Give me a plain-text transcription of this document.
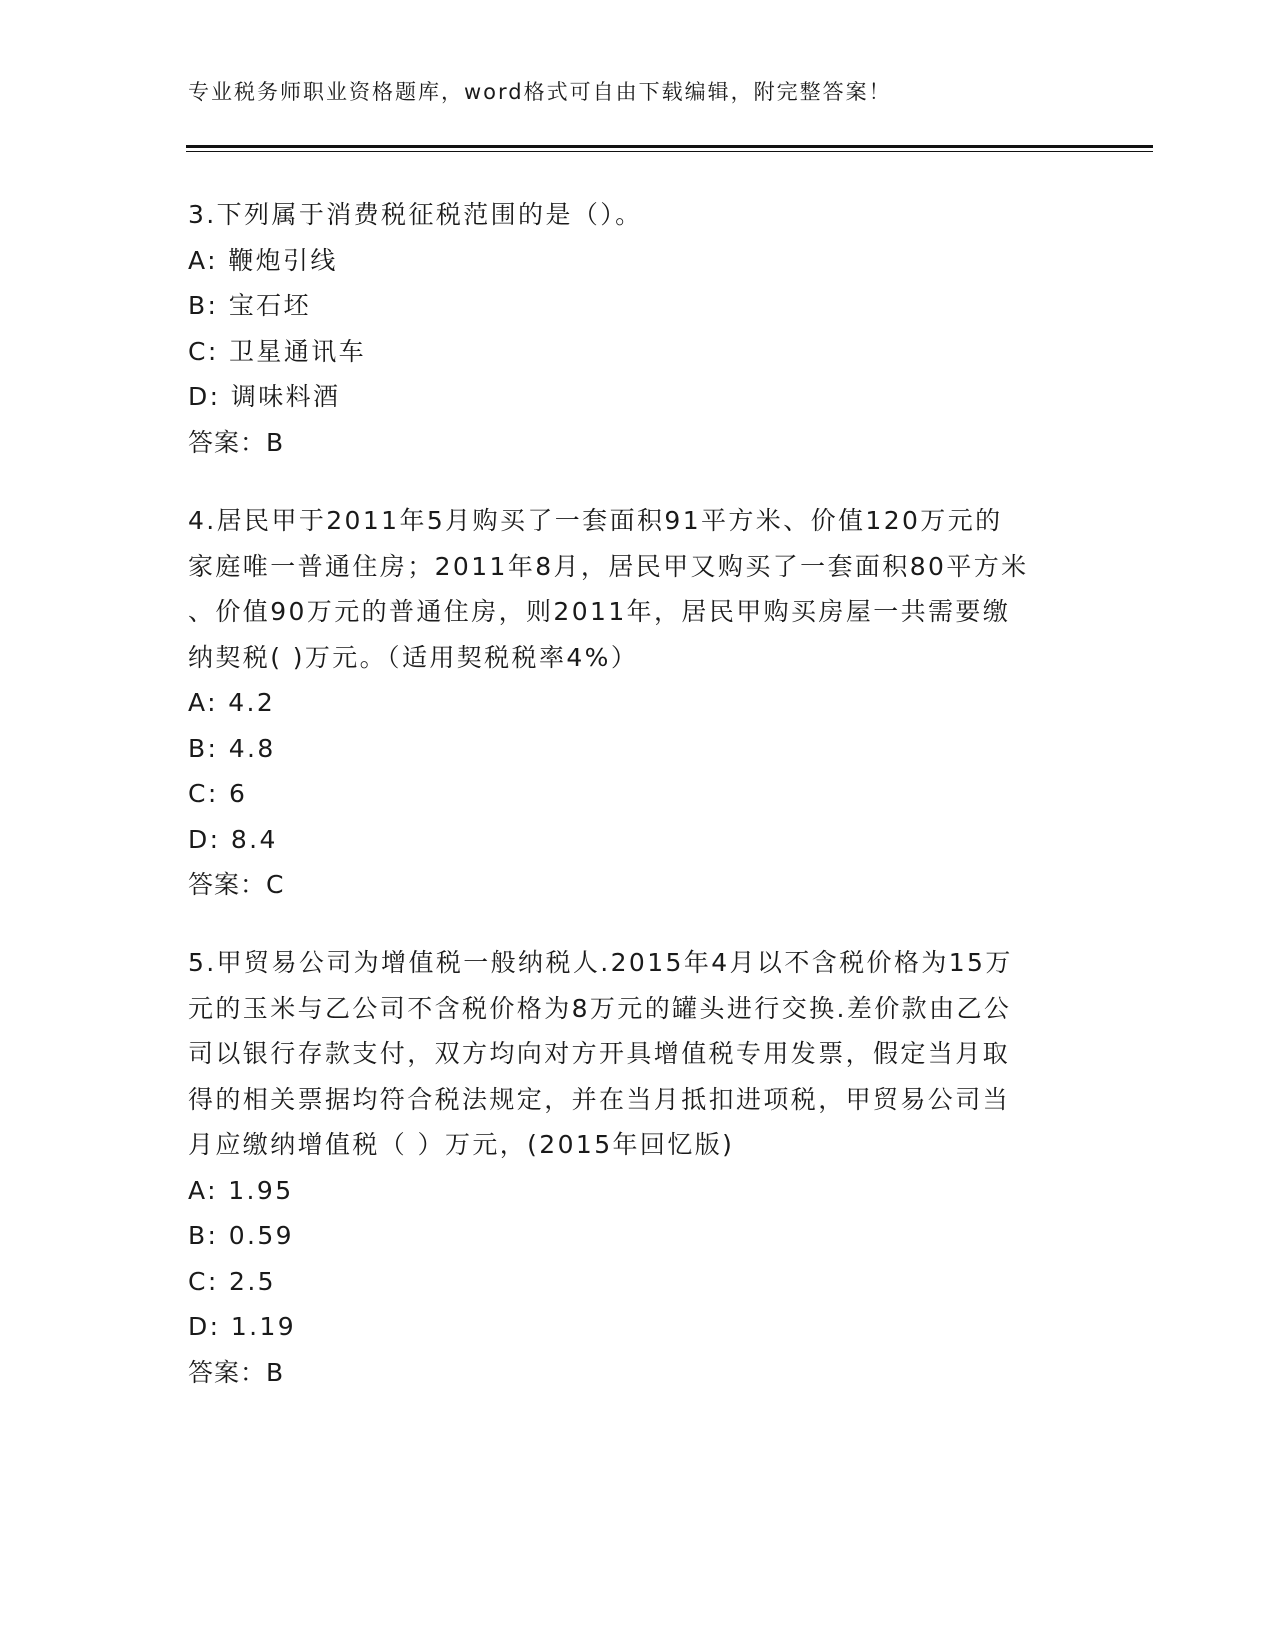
专业税务师职业资格题库，word格式可自由下载编辑，附完整答案！

3.下列属于消费税征税范围的是（）。

A: 鞭炮引线

B: 宝石坯

C: 卫星通讯车

D: 调味料酒

答案：B

4.居民甲于2011年5月购买了一套面积91平方米、价值120万元的
家庭唯一普通住房；2011年8月，居民甲又购买了一套面积80平方米
、价值90万元的普通住房，则2011年，居民甲购买房屋一共需要缴
纳契税( )万元。（适用契税税率4%）

A: 4.2

B: 4.8

C: 6

D: 8.4

答案：C

5.甲贸易公司为增值税一般纳税人.2015年4月以不含税价格为15万
元的玉米与乙公司不含税价格为8万元的罐头进行交换.差价款由乙公
司以银行存款支付，双方均向对方开具增值税专用发票，假定当月取
得的相关票据均符合税法规定，并在当月抵扣进项税，甲贸易公司当
月应缴纳增值税（ ）万元，(2015年回忆版)

A: 1.95

B: 0.59

C: 2.5

D: 1.19

答案：B
